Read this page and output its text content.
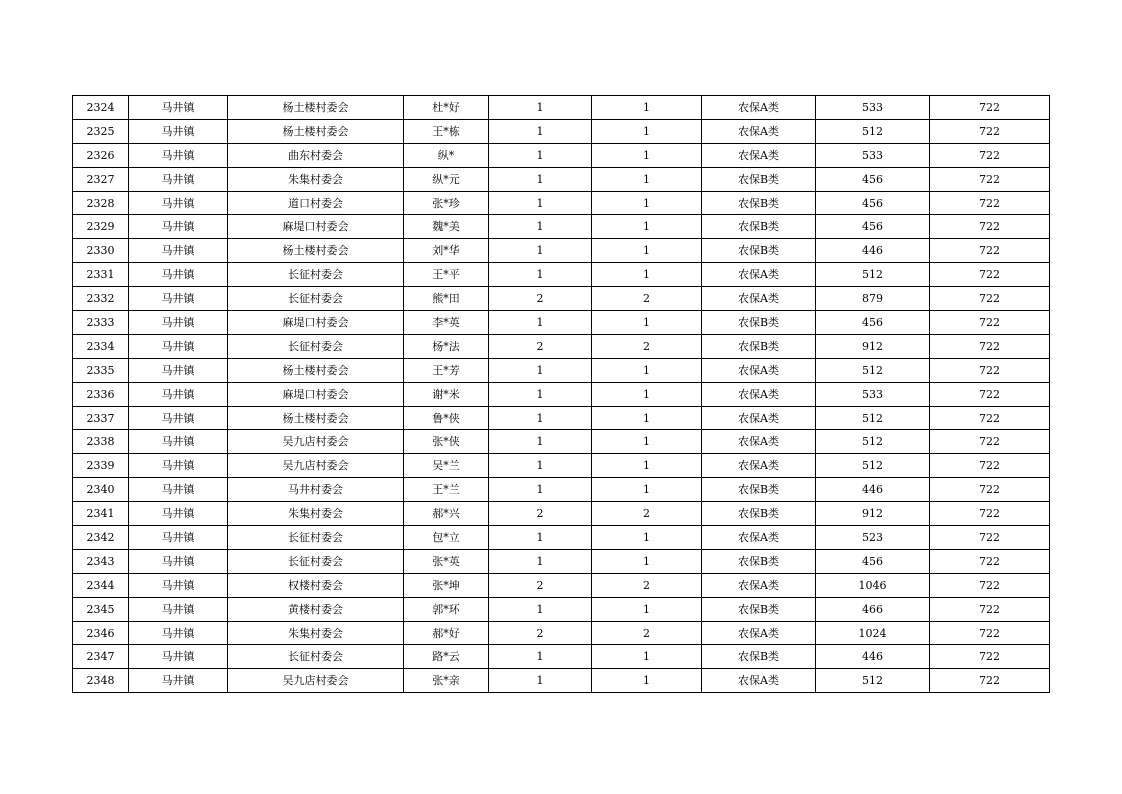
2324	马井镇	杨土楼村委会	杜*好	1	1	农保A类	533	722
2325	马井镇	杨土楼村委会	王*栋	1	1	农保A类	512	722
2326	马井镇	曲东村委会	纵*	1	1	农保A类	533	722
2327	马井镇	朱集村委会	纵*元	1	1	农保B类	456	722
2328	马井镇	道口村委会	张*珍	1	1	农保B类	456	722
2329	马井镇	麻堤口村委会	魏*美	1	1	农保B类	456	722
2330	马井镇	杨土楼村委会	刘*华	1	1	农保B类	446	722
2331	马井镇	长征村委会	王*平	1	1	农保A类	512	722
2332	马井镇	长征村委会	熊*田	2	2	农保A类	879	722
2333	马井镇	麻堤口村委会	李*英	1	1	农保B类	456	722
2334	马井镇	长征村委会	杨*法	2	2	农保B类	912	722
2335	马井镇	杨土楼村委会	王*芳	1	1	农保A类	512	722
2336	马井镇	麻堤口村委会	谢*米	1	1	农保A类	533	722
2337	马井镇	杨土楼村委会	鲁*侠	1	1	农保A类	512	722
2338	马井镇	吴九店村委会	张*侠	1	1	农保A类	512	722
2339	马井镇	吴九店村委会	吴*兰	1	1	农保A类	512	722
2340	马井镇	马井村委会	王*兰	1	1	农保B类	446	722
2341	马井镇	朱集村委会	郝*兴	2	2	农保B类	912	722
2342	马井镇	长征村委会	包*立	1	1	农保A类	523	722
2343	马井镇	长征村委会	张*英	1	1	农保B类	456	722
2344	马井镇	权楼村委会	张*坤	2	2	农保A类	1046	722
2345	马井镇	黄楼村委会	郭*环	1	1	农保B类	466	722
2346	马井镇	朱集村委会	郝*好	2	2	农保A类	1024	722
2347	马井镇	长征村委会	路*云	1	1	农保B类	446	722
2348	马井镇	吴九店村委会	张*亲	1	1	农保A类	512	722
